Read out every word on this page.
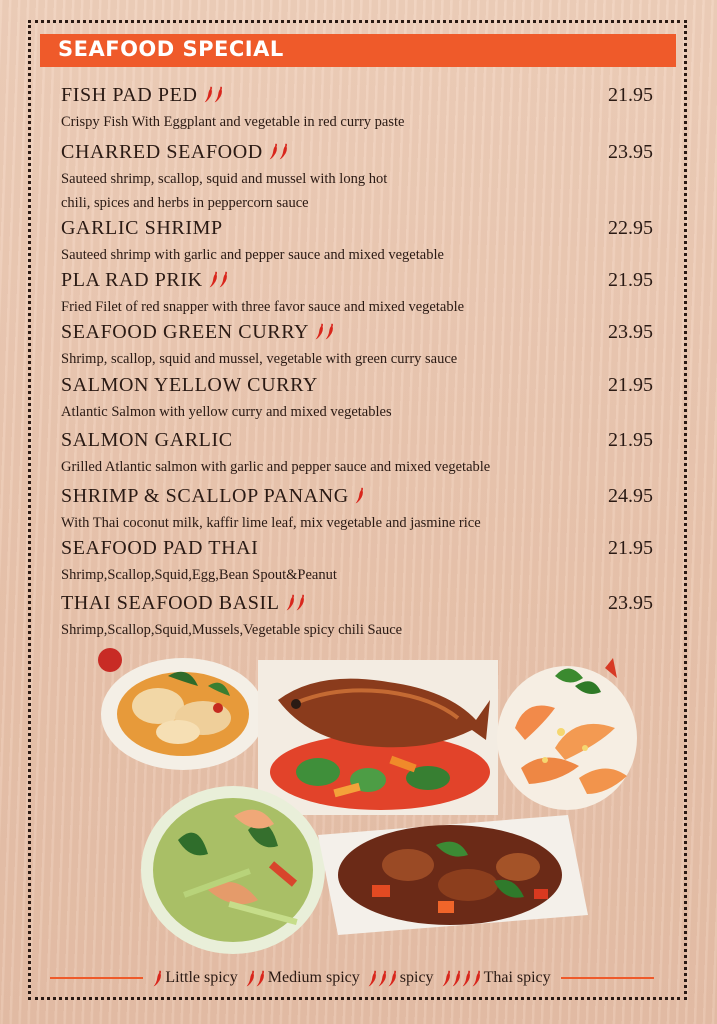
SEAFOOD SPECIAL
FISH PAD PED	21.95
Crispy Fish With Eggplant and vegetable in red curry paste
CHARRED SEAFOOD	23.95
Sauteed shrimp, scallop, squid and mussel with long hot
chili, spices and herbs in peppercorn sauce
GARLIC SHRIMP	22.95
Sauteed shrimp with garlic and pepper sauce and mixed vegetable
PLA RAD PRIK	21.95
Fried Filet of red snapper with three favor sauce and mixed vegetable
SEAFOOD GREEN CURRY	23.95
Shrimp, scallop, squid and mussel, vegetable with green curry sauce
SALMON YELLOW CURRY	21.95
Atlantic Salmon with yellow curry and mixed vegetables
SALMON GARLIC	21.95
Grilled Atlantic salmon with garlic and pepper sauce and mixed vegetable
SHRIMP & SCALLOP PANANG	24.95
With Thai coconut milk, kaffir lime leaf, mix vegetable and jasmine rice
SEAFOOD PAD THAI	21.95
Shrimp,Scallop,Squid,Egg,Bean Spout&Peanut
THAI SEAFOOD BASIL	23.95
Shrimp,Scallop,Squid,Mussels,Vegetable spicy chili Sauce
Little spicy Medium spicy	spicy	Thai spicy
